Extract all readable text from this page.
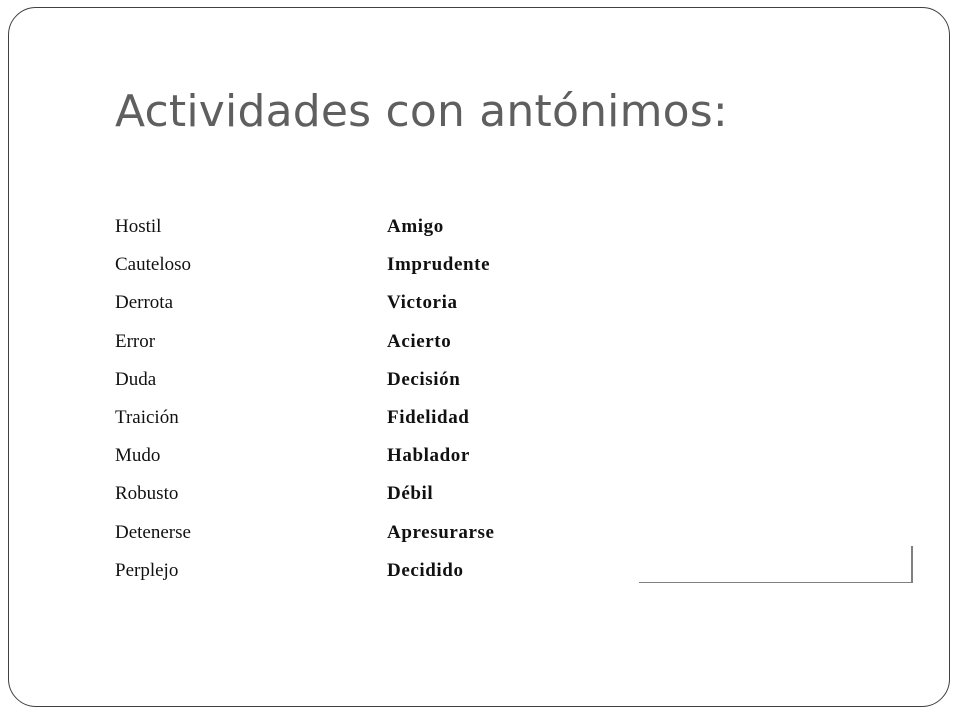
Actividades con antónimos:
Hostil	Amigo
Cauteloso	Imprudente
Derrota	Victoria
Error	Acierto
Duda	Decisión
Traición	Fidelidad
Mudo	Hablador
Robusto	Débil
Detenerse	Apresurarse
Perplejo	Decidido
